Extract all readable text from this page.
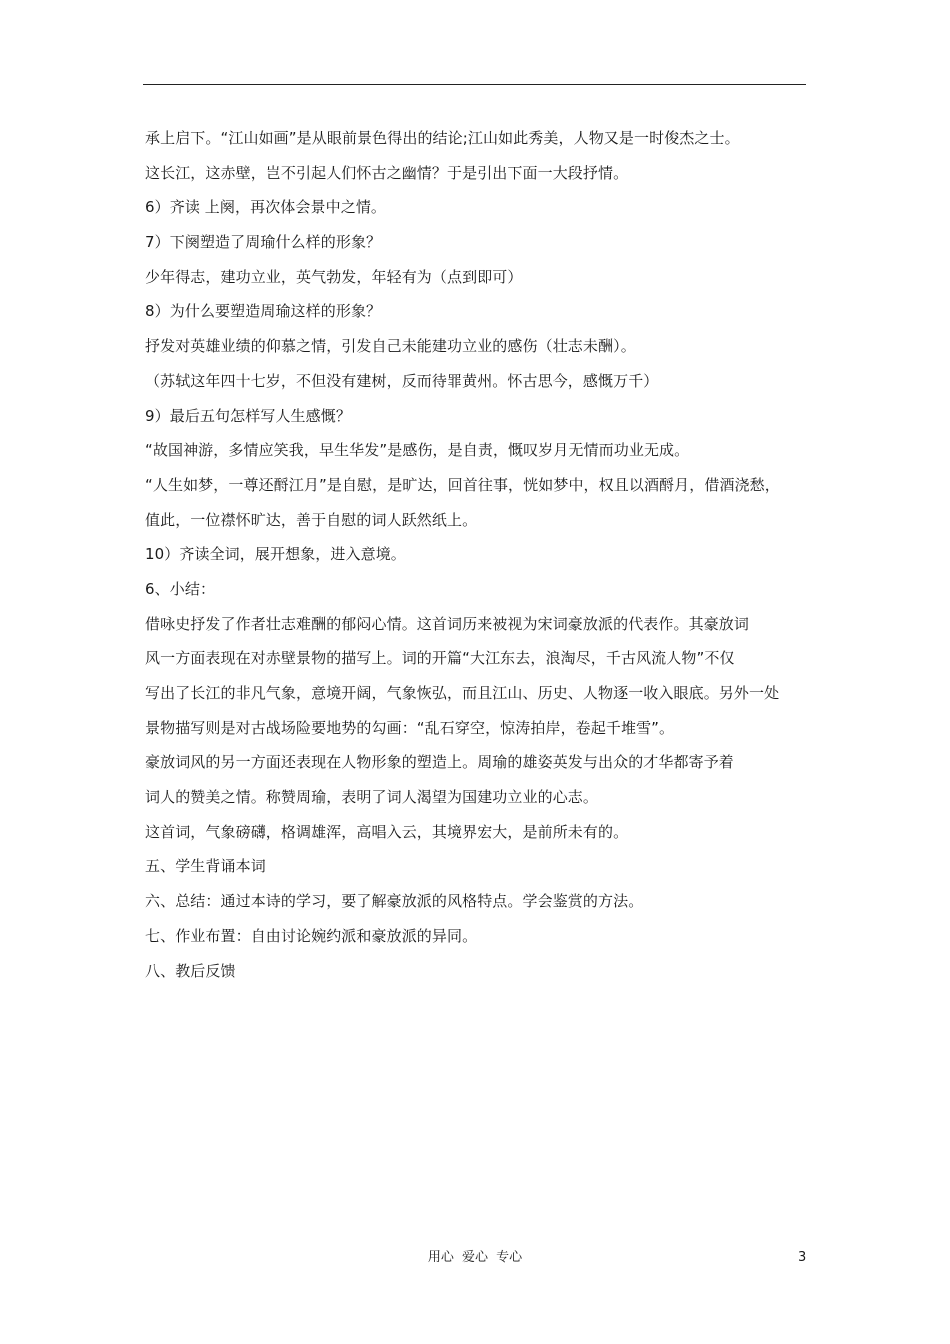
承上启下。“江山如画”是从眼前景色得出的结论;江山如此秀美，人物又是一时俊杰之士。
这长江，这赤壁，岂不引起人们怀古之幽情？于是引出下面一大段抒情。
6）齐读 上阕，再次体会景中之情。
7）下阕塑造了周瑜什么样的形象？
少年得志，建功立业，英气勃发，年轻有为（点到即可）
8）为什么要塑造周瑜这样的形象？
抒发对英雄业绩的仰慕之情，引发自己未能建功立业的感伤（壮志未酬）。
（苏轼这年四十七岁，不但没有建树，反而待罪黄州。怀古思今，感慨万千）
9）最后五句怎样写人生感慨？
“故国神游，多情应笑我，早生华发”是感伤，是自责，慨叹岁月无情而功业无成。
“人生如梦，一尊还酹江月”是自慰，是旷达，回首往事，恍如梦中，权且以酒酹月，借酒浇愁，
值此，一位襟怀旷达，善于自慰的词人跃然纸上。
10）齐读全词，展开想象，进入意境。
6、小结：
借咏史抒发了作者壮志难酬的郁闷心情。这首词历来被视为宋词豪放派的代表作。其豪放词
风一方面表现在对赤壁景物的描写上。词的开篇“大江东去，浪淘尽，千古风流人物”不仅
写出了长江的非凡气象，意境开阔，气象恢弘，而且江山、历史、人物逐一收入眼底。另外一处
景物描写则是对古战场险要地势的勾画：“乱石穿空，惊涛拍岸，卷起千堆雪”。
豪放词风的另一方面还表现在人物形象的塑造上。周瑜的雄姿英发与出众的才华都寄予着
词人的赞美之情。称赞周瑜，表明了词人渴望为国建功立业的心志。
这首词，气象磅礴，格调雄浑，高唱入云，其境界宏大，是前所未有的。
五、学生背诵本词
六、总结：通过本诗的学习，要了解豪放派的风格特点。学会鉴赏的方法。
七、作业布置：自由讨论婉约派和豪放派的异同。
八、教后反馈
用心 爱心 专心	3
